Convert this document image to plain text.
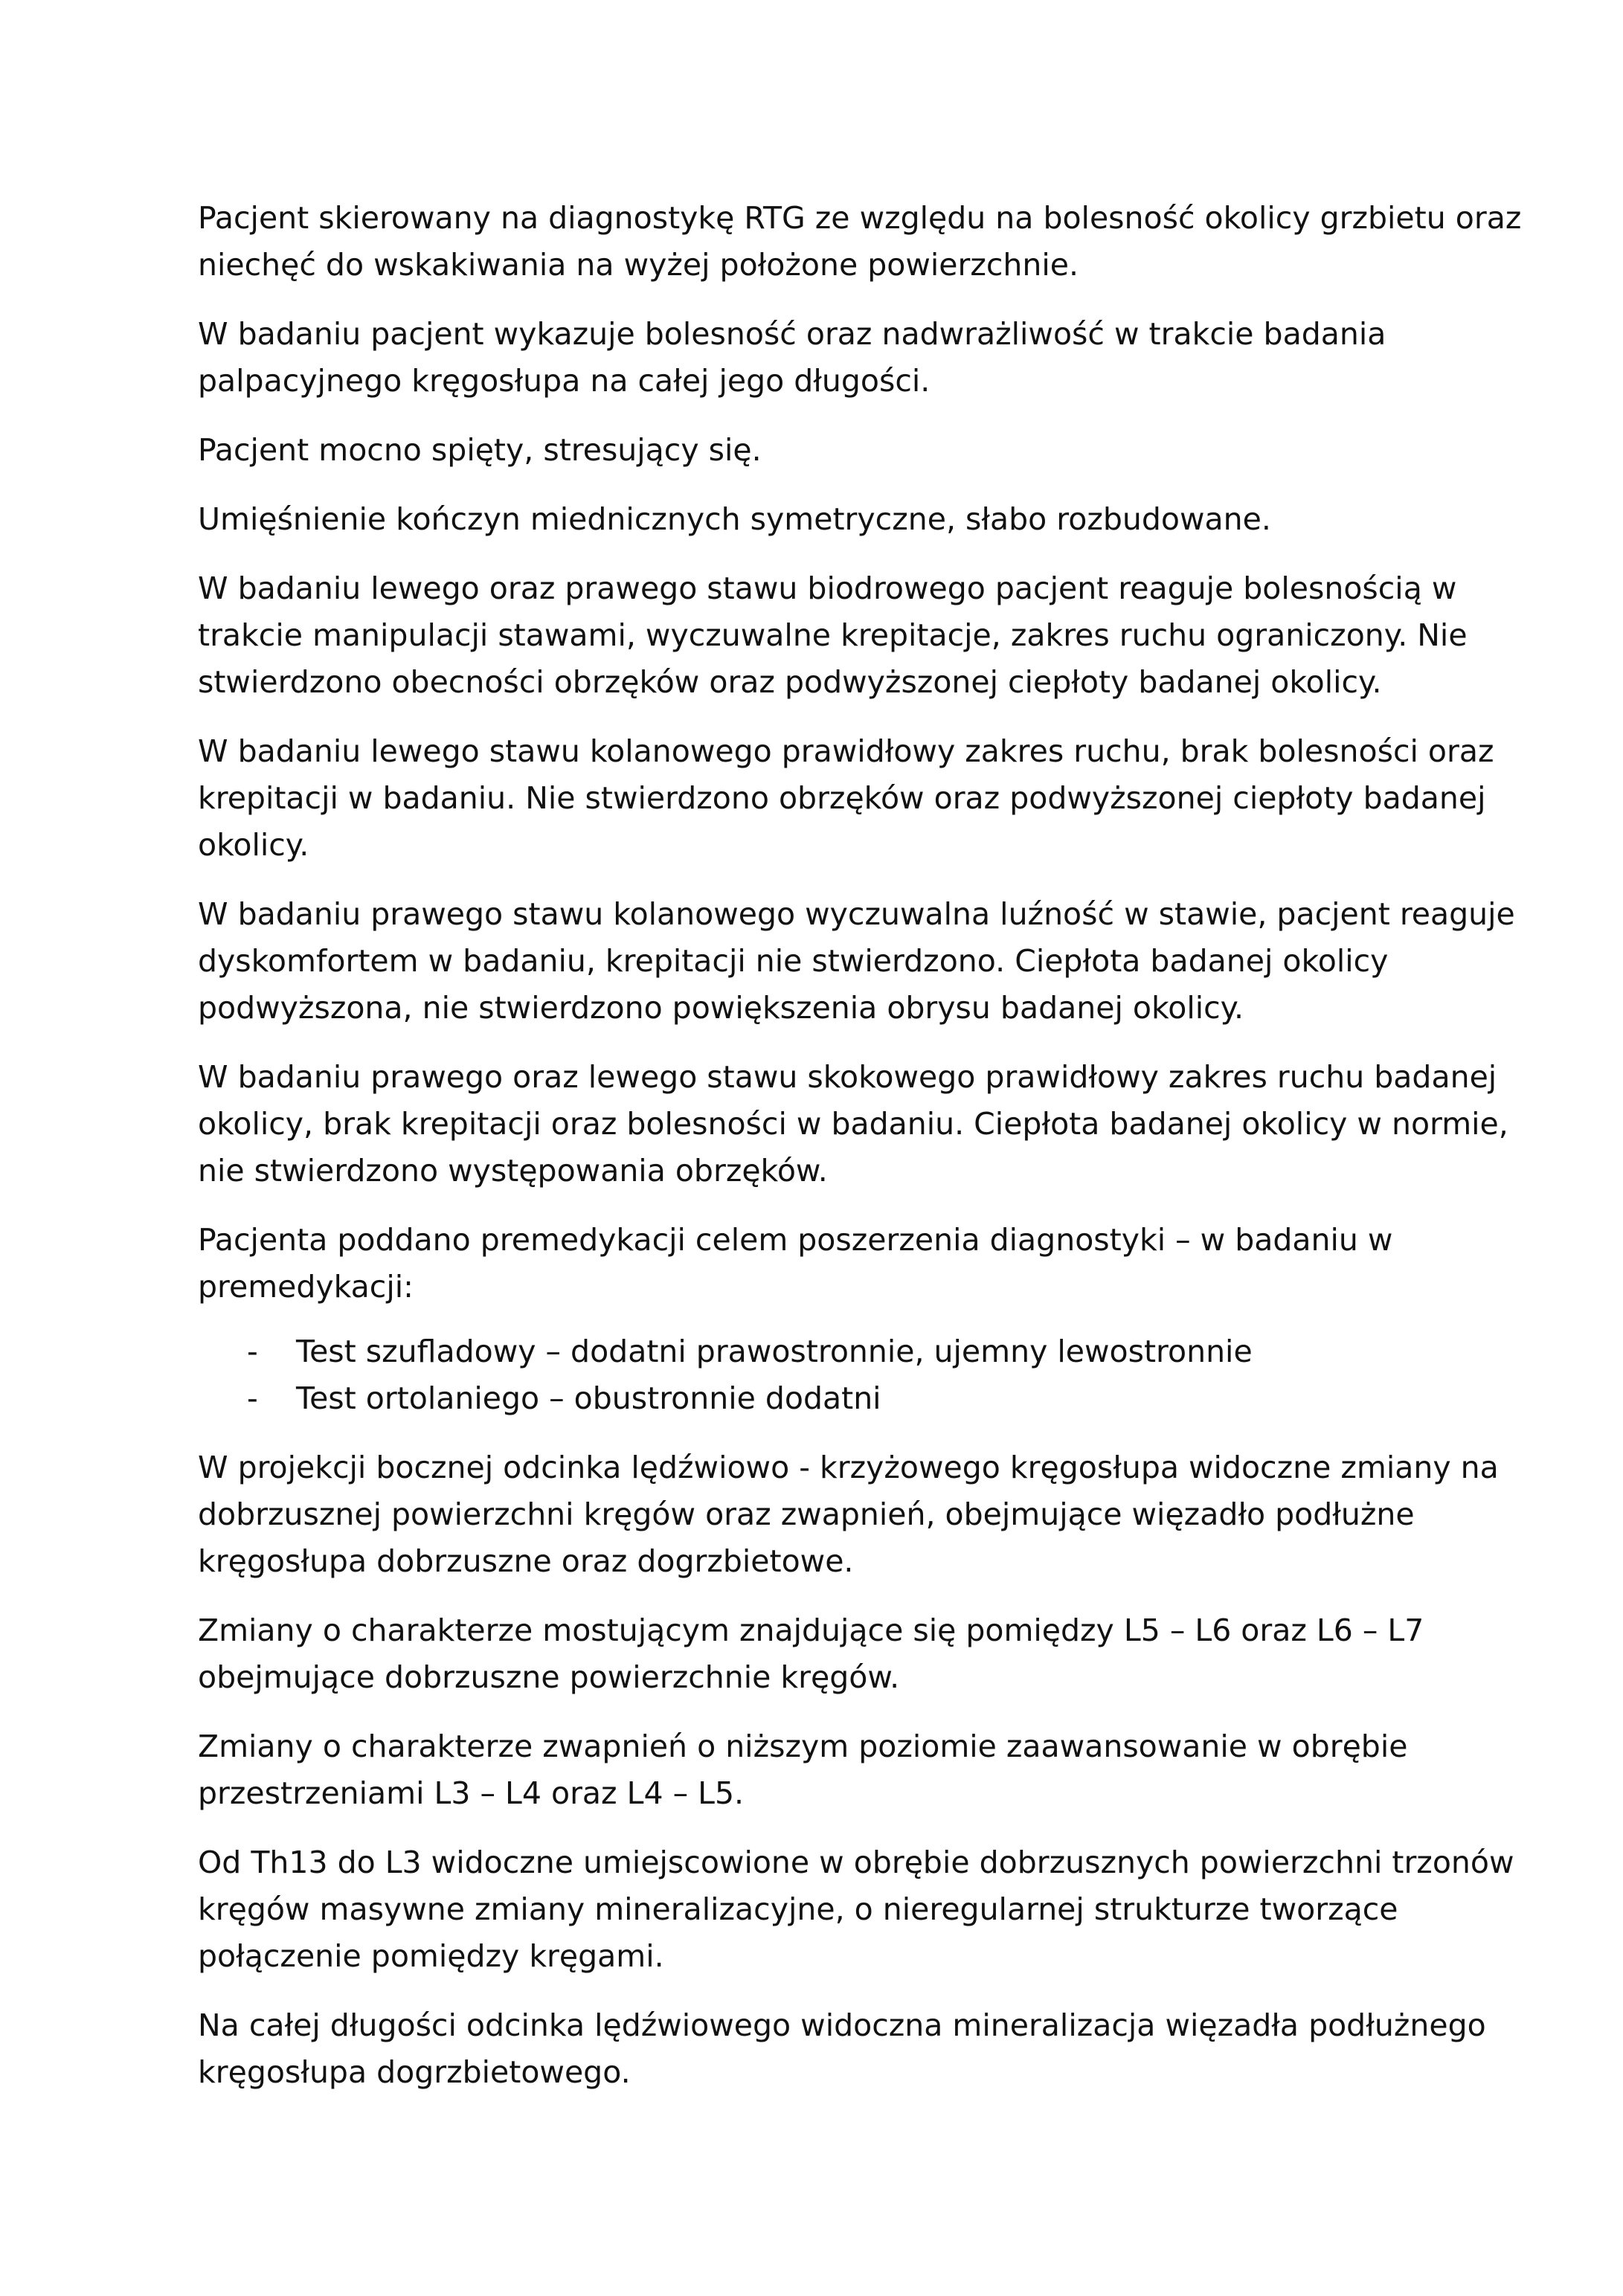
Pacjent skierowany na diagnostykę RTG ze względu na bolesność okolicy grzbietu oraz
niechęć do wskakiwania na wyżej położone powierzchnie.

W badaniu pacjent wykazuje bolesność oraz nadwrażliwość w trakcie badania
palpacyjnego kręgosłupa na całej jego długości.

Pacjent mocno spięty, stresujący się.

Umięśnienie kończyn miednicznych symetryczne, słabo rozbudowane.

W badaniu lewego oraz prawego stawu biodrowego pacjent reaguje bolesnością w
trakcie manipulacji stawami, wyczuwalne krepitacje, zakres ruchu ograniczony. Nie
stwierdzono obecności obrzęków oraz podwyższonej ciepłoty badanej okolicy.

W badaniu lewego stawu kolanowego prawidłowy zakres ruchu, brak bolesności oraz
krepitacji w badaniu. Nie stwierdzono obrzęków oraz podwyższonej ciepłoty badanej
okolicy.

W badaniu prawego stawu kolanowego wyczuwalna luźność w stawie, pacjent reaguje
dyskomfortem w badaniu, krepitacji nie stwierdzono. Ciepłota badanej okolicy
podwyższona, nie stwierdzono powiększenia obrysu badanej okolicy.

W badaniu prawego oraz lewego stawu skokowego prawidłowy zakres ruchu badanej
okolicy, brak krepitacji oraz bolesności w badaniu. Ciepłota badanej okolicy w normie,
nie stwierdzono występowania obrzęków.

Pacjenta poddano premedykacji celem poszerzenia diagnostyki – w badaniu w
premedykacji:

- Test szufladowy – dodatni prawostronnie, ujemny lewostronnie
- Test ortolaniego – obustronnie dodatni

W projekcji bocznej odcinka lędźwiowo - krzyżowego kręgosłupa widoczne zmiany na
dobrzusznej powierzchni kręgów oraz zwapnień, obejmujące więzadło podłużne
kręgosłupa dobrzuszne oraz dogrzbietowe.

Zmiany o charakterze mostującym znajdujące się pomiędzy L5 – L6 oraz L6 – L7
obejmujące dobrzuszne powierzchnie kręgów.

Zmiany o charakterze zwapnień o niższym poziomie zaawansowanie w obrębie
przestrzeniami L3 – L4 oraz L4 – L5.

Od Th13 do L3 widoczne umiejscowione w obrębie dobrzusznych powierzchni trzonów
kręgów masywne zmiany mineralizacyjne, o nieregularnej strukturze tworzące
połączenie pomiędzy kręgami.

Na całej długości odcinka lędźwiowego widoczna mineralizacja więzadła podłużnego
kręgosłupa dogrzbietowego.
